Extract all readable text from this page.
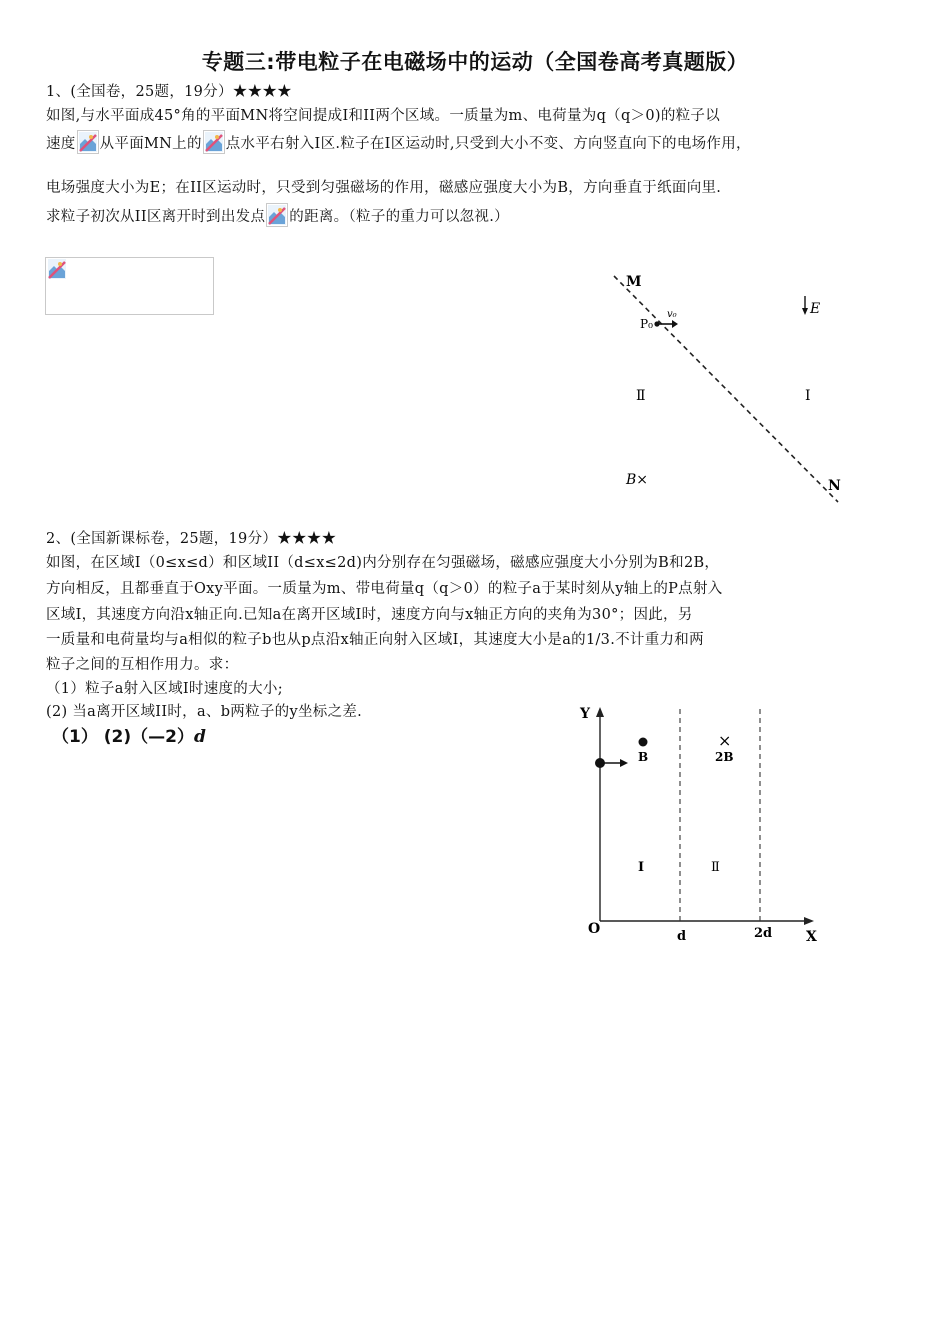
专题三:带电粒子在电磁场中的运动（全国卷高考真题版）
1、(全国卷，25题，19分）★★★★
如图,与水平面成45°角的平面MN将空间提成Ⅰ和ⅠⅠ两个区域。一质量为m、电荷量为q（q＞0)的粒子以
速度 从平面MN上的 点水平右射入Ⅰ区.粒子在Ⅰ区运动时,只受到大小不变、方向竖直向下的电场作用，
电场强度大小为E；在ⅠⅠ区运动时，只受到匀强磁场的作用，磁感应强度大小为B，方向垂直于纸面向里.
求粒子初次从ⅠⅠ区离开时到出发点 的距离。（粒子的重力可以忽视.）
M
N
P₀
v₀	E
Ⅱ	Ⅰ
B×
2、(全国新课标卷，25题，19分）★★★★
如图，在区域Ⅰ（0≤x≤d）和区域ⅠⅠ（d≤x≤2d)内分别存在匀强磁场，磁感应强度大小分别为B和2B，
方向相反，且都垂直于Oxy平面。一质量为m、带电荷量q（q＞0）的粒子a于某时刻从y轴上的P点射入
区域Ⅰ，其速度方向沿x轴正向.已知a在离开区域Ⅰ时，速度方向与x轴正方向的夹角为30°；因此，另
一质量和电荷量均与a相似的粒子b也从p点沿x轴正向射入区域Ⅰ，其速度大小是a的1/3.不计重力和两
粒子之间的互相作用力。求：
（1）粒子a射入区域Ⅰ时速度的大小;
(2) 当a离开区域ⅠⅠ时，a、b两粒子的y坐标之差.
（1） (2)（—2）d
Y
X
O	d	2d
B
×
2B
I	Ⅱ
